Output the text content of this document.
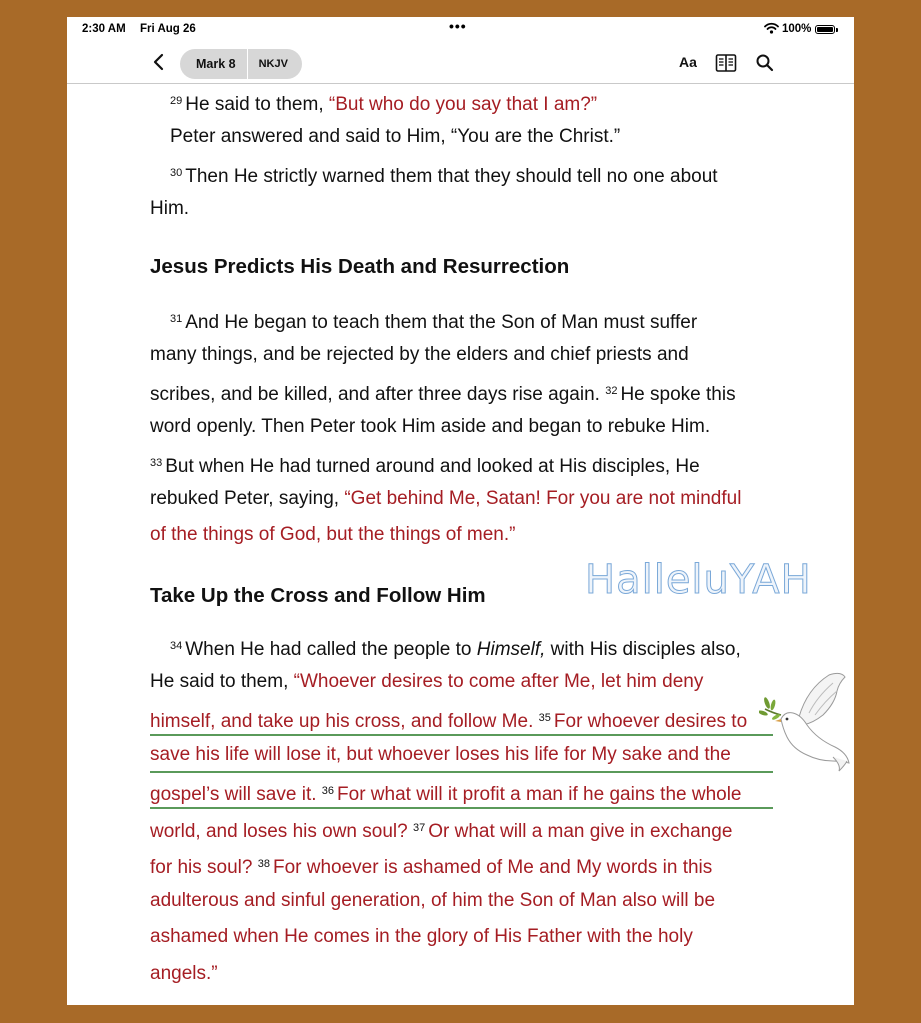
2:30 AM Fri Aug 26	•••	100%
Mark 8	NKJV	Aa
$^{29}$ He said to them, “But who do you say that I am?”
Peter answered and said to Him, “You are the Christ.”
$^{30}$ Then He strictly warned them that they should tell no one about
Him.
Jesus Predicts His Death and Resurrection
$^{31}$ And He began to teach them that the Son of Man must suffer
many things, and be rejected by the elders and chief priests and
scribes, and be killed, and after three days rise again. $^{32}$ He spoke this
word openly. Then Peter took Him aside and began to rebuke Him.
$^{33}$ But when He had turned around and looked at His disciples, He
rebuked Peter, saying, “Get behind Me, Satan! For you are not mindful
of the things of God, but the things of men.”
Take Up the Cross and Follow Him
$^{34}$ When He had called the people to Himself, with His disciples also,
He said to them, “Whoever desires to come after Me, let him deny
himself, and take up his cross, and follow Me. $^{35}$ For whoever desires to
save his life will lose it, but whoever loses his life for My sake and the
gospel’s will save it. $^{36}$ For what will it profit a man if he gains the whole
world, and loses his own soul? $^{37}$ Or what will a man give in exchange
for his soul? $^{38}$ For whoever is ashamed of Me and My words in this
adulterous and sinful generation, of him the Son of Man also will be
ashamed when He comes in the glory of His Father with the holy
angels.”
HalleluYAH
